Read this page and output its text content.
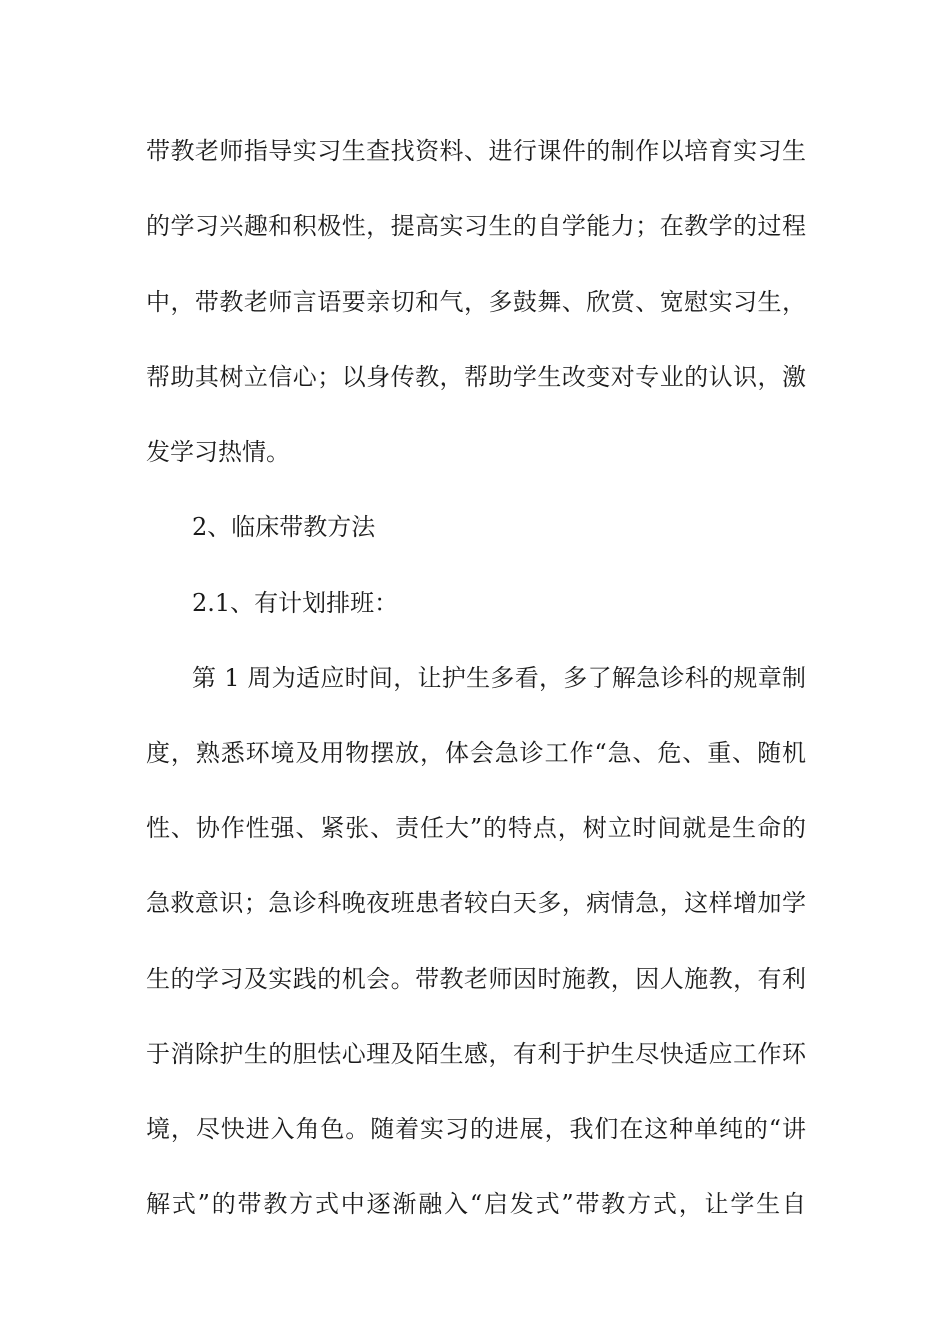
带教老师指导实习生查找资料、进行课件的制作以培育实习生
的学习兴趣和积极性，提高实习生的自学能力；在教学的过程
中，带教老师言语要亲切和气，多鼓舞、欣赏、宽慰实习生，
帮助其树立信心；以身传教，帮助学生改变对专业的认识，激
发学习热情。
2、临床带教方法
2.1、有计划排班：
第 1 周为适应时间，让护生多看，多了解急诊科的规章制
度，熟悉环境及用物摆放，体会急诊工作“急、危、重、随机
性、协作性强、紧张、责任大”的特点，树立时间就是生命的
急救意识；急诊科晚夜班患者较白天多，病情急，这样增加学
生的学习及实践的机会。带教老师因时施教，因人施教，有利
于消除护生的胆怯心理及陌生感，有利于护生尽快适应工作环
境，尽快进入角色。随着实习的进展，我们在这种单纯的“讲
解式”的带教方式中逐渐融入“启发式”带教方式，让学生自
